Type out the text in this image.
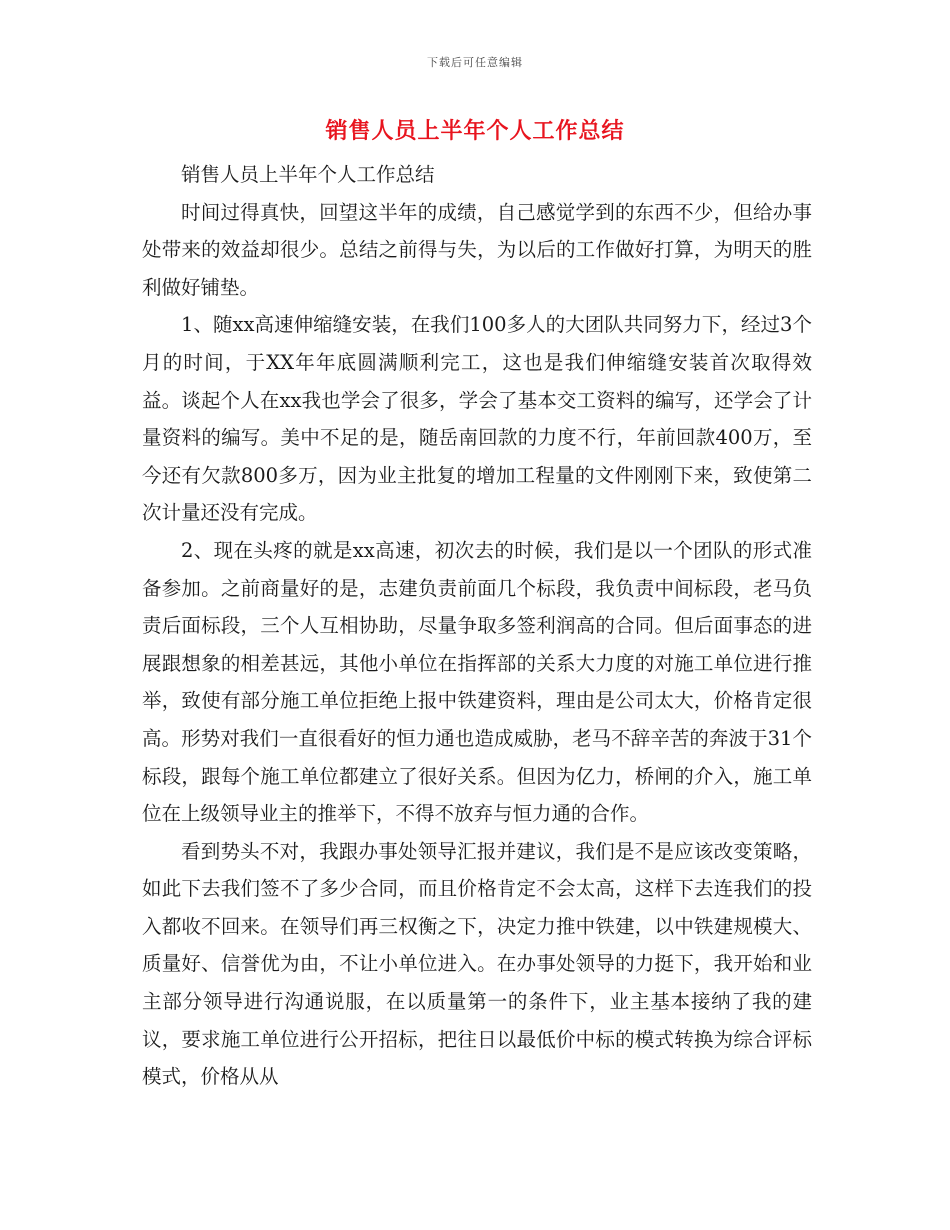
下载后可任意编辑
销售人员上半年个人工作总结

销售人员上半年个人工作总结

时间过得真快，回望这半年的成绩，自己感觉学到的东西不少，但给办事处带来的效益却很少。总结之前得与失，为以后的工作做好打算，为明天的胜利做好铺垫。

1、随xx高速伸缩缝安装，在我们100多人的大团队共同努力下，经过3个月的时间，于XX年年底圆满顺利完工，这也是我们伸缩缝安装首次取得效益。谈起个人在xx我也学会了很多，学会了基本交工资料的编写，还学会了计量资料的编写。美中不足的是，随岳南回款的力度不行，年前回款400万，至今还有欠款800多万，因为业主批复的增加工程量的文件刚刚下来，致使第二次计量还没有完成。

2、现在头疼的就是xx高速，初次去的时候，我们是以一个团队的形式准备参加。之前商量好的是，志建负责前面几个标段，我负责中间标段，老马负责后面标段，三个人互相协助，尽量争取多签利润高的合同。但后面事态的进展跟想象的相差甚远，其他小单位在指挥部的关系大力度的对施工单位进行推举，致使有部分施工单位拒绝上报中铁建资料，理由是公司太大，价格肯定很高。形势对我们一直很看好的恒力通也造成威胁，老马不辞辛苦的奔波于31个标段，跟每个施工单位都建立了很好关系。但因为亿力，桥闸的介入，施工单位在上级领导业主的推举下，不得不放弃与恒力通的合作。

看到势头不对，我跟办事处领导汇报并建议，我们是不是应该改变策略，如此下去我们签不了多少合同，而且价格肯定不会太高，这样下去连我们的投入都收不回来。在领导们再三权衡之下，决定力推中铁建，以中铁建规模大、质量好、信誉优为由，不让小单位进入。在办事处领导的力挺下，我开始和业主部分领导进行沟通说服，在以质量第一的条件下，业主基本接纳了我的建议，要求施工单位进行公开招标，把往日以最低价中标的模式转换为综合评标模式，价格从从
